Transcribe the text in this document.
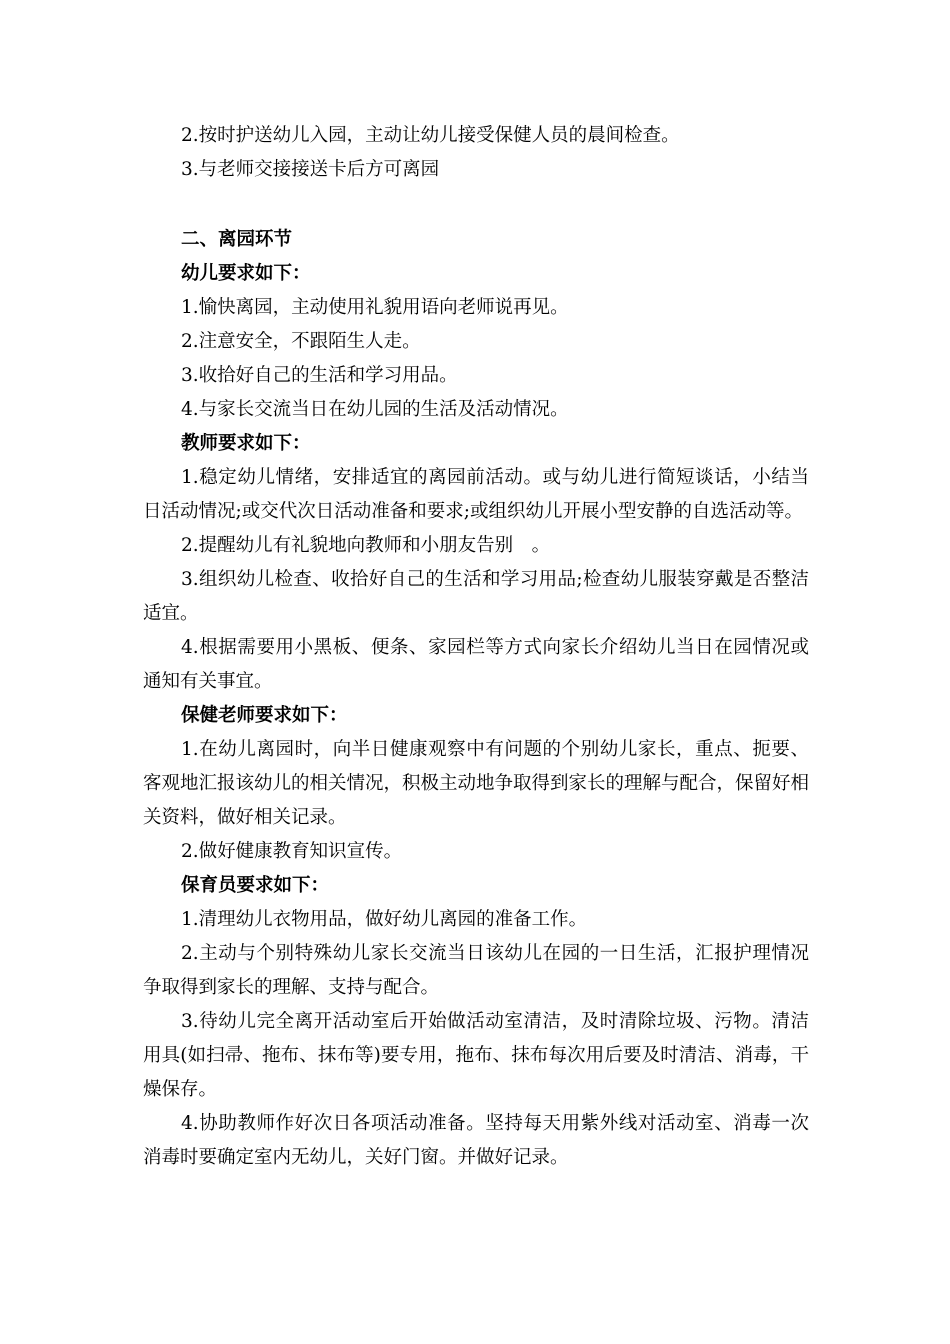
2.按时护送幼儿入园，主动让幼儿接受保健人员的晨间检查。

3.与老师交接接送卡后方可离园

二、离园环节

幼儿要求如下：

1.愉快离园，主动使用礼貌用语向老师说再见。

2.注意安全，不跟陌生人走。

3.收拾好自己的生活和学习用品。

4.与家长交流当日在幼儿园的生活及活动情况。

教师要求如下：

1.稳定幼儿情绪，安排适宜的离园前活动。或与幼儿进行简短谈话，小结当日活动情况;或交代次日活动准备和要求;或组织幼儿开展小型安静的自选活动等。

2.提醒幼儿有礼貌地向教师和小朋友告别　。

3.组织幼儿检查、收拾好自己的生活和学习用品;检查幼儿服装穿戴是否整洁适宜。

4.根据需要用小黑板、便条、家园栏等方式向家长介绍幼儿当日在园情况或通知有关事宜。

保健老师要求如下：

1.在幼儿离园时，向半日健康观察中有问题的个别幼儿家长，重点、扼要、客观地汇报该幼儿的相关情况，积极主动地争取得到家长的理解与配合，保留好相关资料，做好相关记录。

2.做好健康教育知识宣传。

保育员要求如下：

1.清理幼儿衣物用品，做好幼儿离园的准备工作。

2.主动与个别特殊幼儿家长交流当日该幼儿在园的一日生活，汇报护理情况争取得到家长的理解、支持与配合。

3.待幼儿完全离开活动室后开始做活动室清洁，及时清除垃圾、污物。清洁用具(如扫帚、拖布、抹布等)要专用，拖布、抹布每次用后要及时清洁、消毒，干燥保存。

4.协助教师作好次日各项活动准备。坚持每天用紫外线对活动室、消毒一次消毒时要确定室内无幼儿，关好门窗。并做好记录。
